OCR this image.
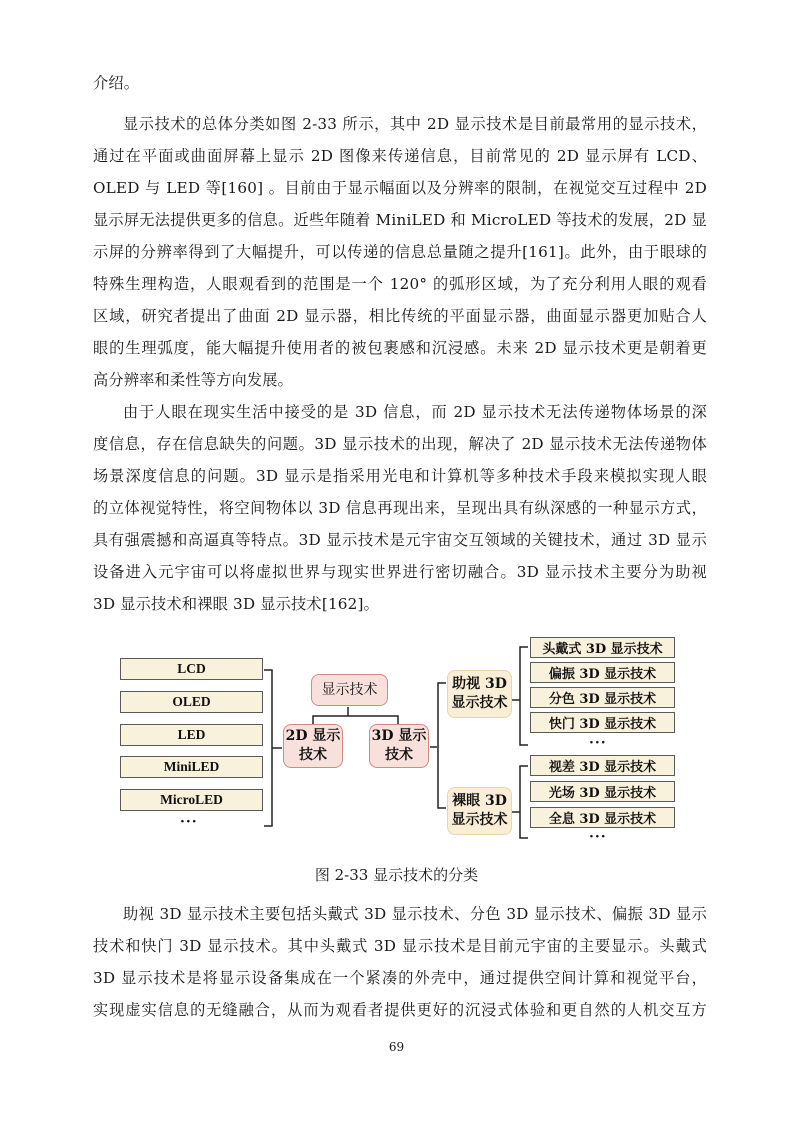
介绍。
显示技术的总体分类如图 2-33 所示，其中 2D 显示技术是目前最常用的显示技术，
通过在平面或曲面屏幕上显示 2D 图像来传递信息，目前常见的 2D 显示屏有 LCD、
OLED 与 LED 等[160] 。目前由于显示幅面以及分辨率的限制，在视觉交互过程中 2D
显示屏无法提供更多的信息。近些年随着 MiniLED 和 MicroLED 等技术的发展，2D 显
示屏的分辨率得到了大幅提升，可以传递的信息总量随之提升[161]。此外，由于眼球的
特殊生理构造，人眼观看到的范围是一个 120° 的弧形区域，为了充分利用人眼的观看
区域，研究者提出了曲面 2D 显示器，相比传统的平面显示器，曲面显示器更加贴合人
眼的生理弧度，能大幅提升使用者的被包裹感和沉浸感。未来 2D 显示技术更是朝着更
高分辨率和柔性等方向发展。
由于人眼在现实生活中接受的是 3D 信息，而 2D 显示技术无法传递物体场景的深
度信息，存在信息缺失的问题。3D 显示技术的出现，解决了 2D 显示技术无法传递物体
场景深度信息的问题。3D 显示是指采用光电和计算机等多种技术手段来模拟实现人眼
的立体视觉特性，将空间物体以 3D 信息再现出来，呈现出具有纵深感的一种显示方式，
具有强震撼和高逼真等特点。3D 显示技术是元宇宙交互领域的关键技术，通过 3D 显示
设备进入元宇宙可以将虚拟世界与现实世界进行密切融合。3D 显示技术主要分为助视
3D 显示技术和裸眼 3D 显示技术[162]。
助视 3D 显示技术主要包括头戴式 3D 显示技术、分色 3D 显示技术、偏振 3D 显示
技术和快门 3D 显示技术。其中头戴式 3D 显示技术是目前元宇宙的主要显示。头戴式
3D 显示技术是将显示设备集成在一个紧凑的外壳中，通过提供空间计算和视觉平台，
实现虚实信息的无缝融合，从而为观看者提供更好的沉浸式体验和更自然的人机交互方
LCD
OLED
LED
MiniLED
MicroLED
···
显示技术
2D 显示
技术
3D 显示
技术
助视 3D
显示技术
裸眼 3D
显示技术
头戴式 3D 显示技术
偏振 3D 显示技术
分色 3D 显示技术
快门 3D 显示技术
···
视差 3D 显示技术
光场 3D 显示技术
全息 3D 显示技术
···
图 2-33 显示技术的分类
69
